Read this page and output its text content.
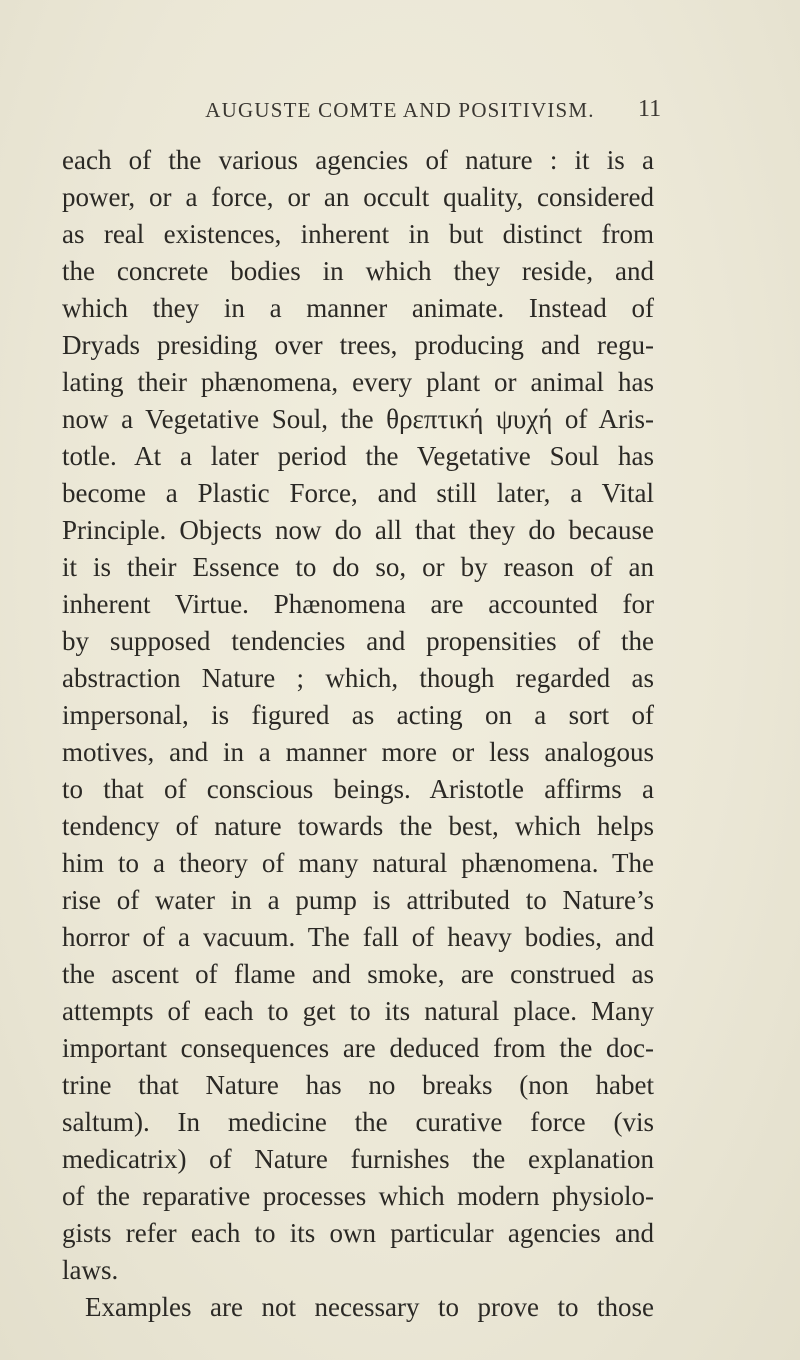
AUGUSTE COMTE AND POSITIVISM.	11
each of the various agencies of nature : it is a
power, or a force, or an occult quality, considered
as real existences, inherent in but distinct from
the concrete bodies in which they reside, and
which they in a manner animate. Instead of
Dryads presiding over trees, producing and regu-
lating their phænomena, every plant or animal has
now a Vegetative Soul, the θρεπτική ψυχή of Aris-
totle. At a later period the Vegetative Soul has
become a Plastic Force, and still later, a Vital
Principle. Objects now do all that they do because
it is their Essence to do so, or by reason of an
inherent Virtue. Phænomena are accounted for
by supposed tendencies and propensities of the
abstraction Nature ; which, though regarded as
impersonal, is figured as acting on a sort of
motives, and in a manner more or less analogous
to that of conscious beings. Aristotle affirms a
tendency of nature towards the best, which helps
him to a theory of many natural phænomena. The
rise of water in a pump is attributed to Nature’s
horror of a vacuum. The fall of heavy bodies, and
the ascent of flame and smoke, are construed as
attempts of each to get to its natural place. Many
important consequences are deduced from the doc-
trine that Nature has no breaks (non habet
saltum). In medicine the curative force (vis
medicatrix) of Nature furnishes the explanation
of the reparative processes which modern physiolo-
gists refer each to its own particular agencies and
laws.
Examples are not necessary to prove to those
